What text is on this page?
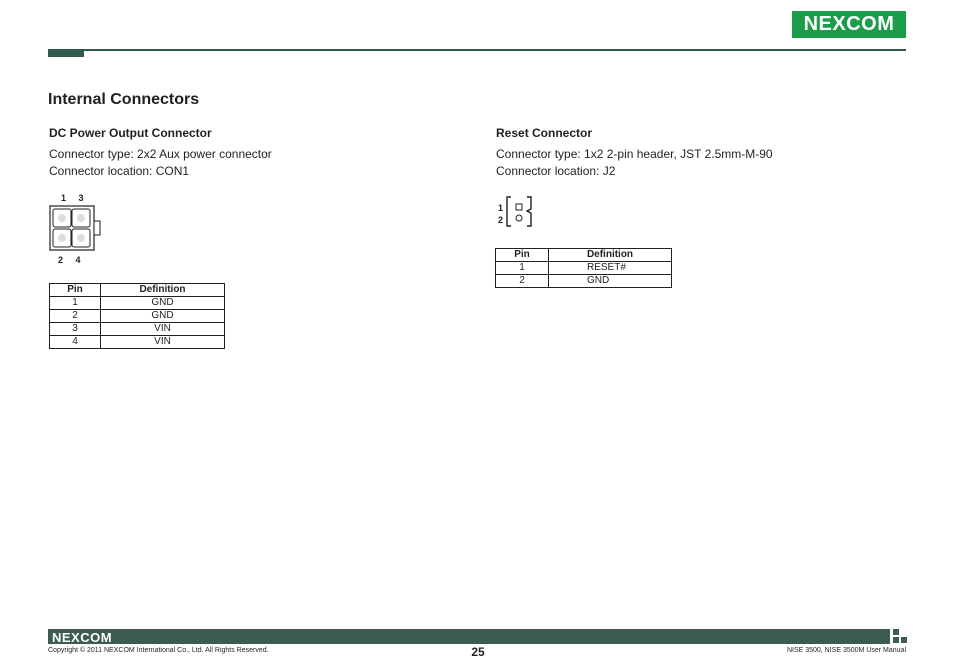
NEXCOM
Internal Connectors

DC Power Output Connector

Connector type: 2x2 Aux power connector

Connector location: CON1

1     3
2     4
Pin	Definition
1	GND
2	GND
3	VIN
4	VIN

Reset Connector

Connector type: 1x2 2-pin header, JST 2.5mm-M-90

Connector location: J2

1
2
Pin	Definition
1	RESET#
2	GND
NEXCOM
Copyright © 2011 NEXCOM International Co., Ltd. All Rights Reserved.	25	NISE 3500, NISE 3500M User Manual
